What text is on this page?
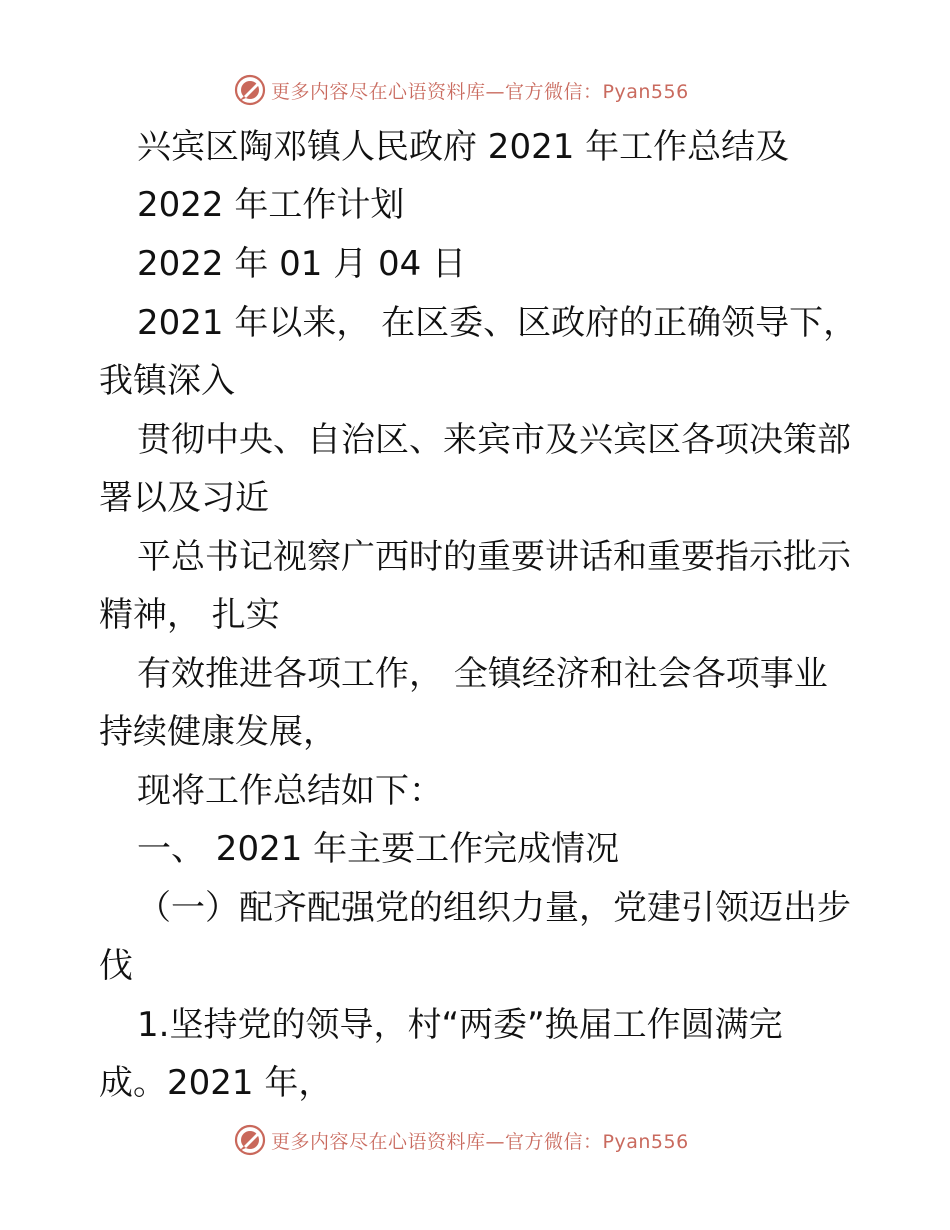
更多内容尽在心语资料库—官方微信：Pyan556
兴宾区陶邓镇人民政府 2021 年工作总结及
2022 年工作计划
2022 年 01 月 04 日
2021 年以来， 在区委、区政府的正确领导下，
我镇深入
贯彻中央、自治区、来宾市及兴宾区各项决策部
署以及习近
平总书记视察广西时的重要讲话和重要指示批示
精神， 扎实
有效推进各项工作， 全镇经济和社会各项事业
持续健康发展，
现将工作总结如下：
一、 2021 年主要工作完成情况
（一）配齐配强党的组织力量，党建引领迈出步
伐
1.坚持党的领导，村“两委”换届工作圆满完
成。2021 年，
更多内容尽在心语资料库—官方微信：Pyan556
